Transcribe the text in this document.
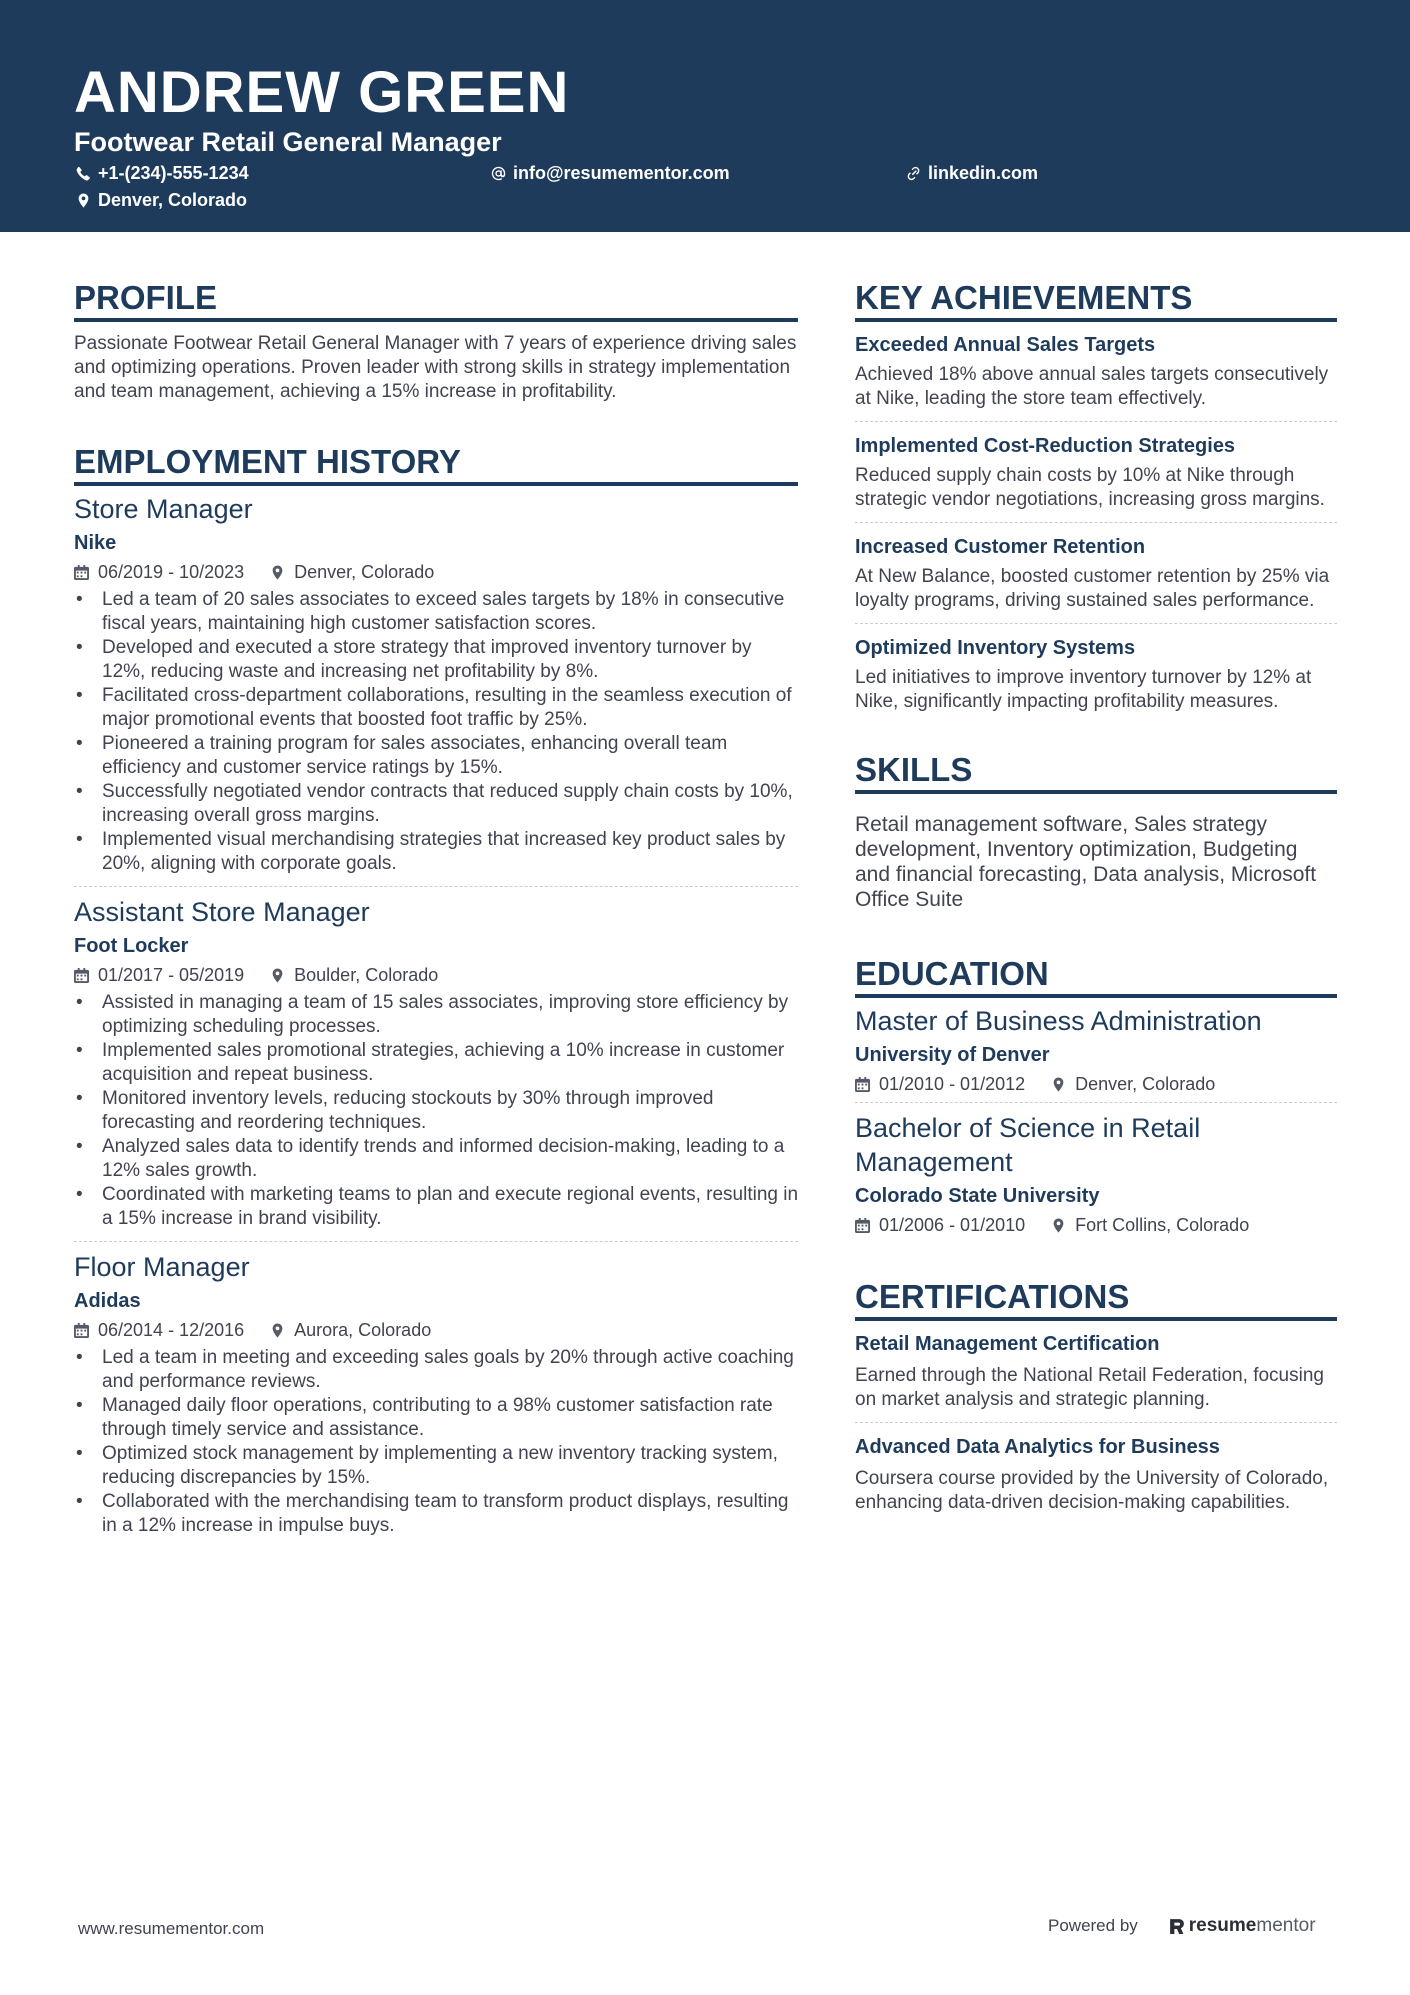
ANDREW GREEN
Footwear Retail General Manager
+1-(234)-555-1234	info@resumementor.com	linkedin.com
Denver, Colorado
PROFILE

Passionate Footwear Retail General Manager with 7 years of experience driving sales and optimizing operations. Proven leader with strong skills in strategy implementation and team management, achieving a 15% increase in profitability.

EMPLOYMENT HISTORY
Store Manager
Nike
06/2019 - 10/2023	Denver, Colorado
• Led a team of 20 sales associates to exceed sales targets by 18% in consecutive fiscal years, maintaining high customer satisfaction scores.
• Developed and executed a store strategy that improved inventory turnover by 12%, reducing waste and increasing net profitability by 8%.
• Facilitated cross-department collaborations, resulting in the seamless execution of major promotional events that boosted foot traffic by 25%.
• Pioneered a training program for sales associates, enhancing overall team efficiency and customer service ratings by 15%.
• Successfully negotiated vendor contracts that reduced supply chain costs by 10%, increasing overall gross margins.
• Implemented visual merchandising strategies that increased key product sales by 20%, aligning with corporate goals.
Assistant Store Manager
Foot Locker
01/2017 - 05/2019	Boulder, Colorado
• Assisted in managing a team of 15 sales associates, improving store efficiency by optimizing scheduling processes.
• Implemented sales promotional strategies, achieving a 10% increase in customer acquisition and repeat business.
• Monitored inventory levels, reducing stockouts by 30% through improved forecasting and reordering techniques.
• Analyzed sales data to identify trends and informed decision-making, leading to a 12% sales growth.
• Coordinated with marketing teams to plan and execute regional events, resulting in a 15% increase in brand visibility.
Floor Manager
Adidas
06/2014 - 12/2016	Aurora, Colorado
• Led a team in meeting and exceeding sales goals by 20% through active coaching and performance reviews.
• Managed daily floor operations, contributing to a 98% customer satisfaction rate through timely service and assistance.
• Optimized stock management by implementing a new inventory tracking system, reducing discrepancies by 15%.
• Collaborated with the merchandising team to transform product displays, resulting in a 12% increase in impulse buys.
KEY ACHIEVEMENTS
Exceeded Annual Sales Targets

Achieved 18% above annual sales targets consecutively at Nike, leading the store team effectively.

Implemented Cost-Reduction Strategies

Reduced supply chain costs by 10% at Nike through strategic vendor negotiations, increasing gross margins.

Increased Customer Retention

At New Balance, boosted customer retention by 25% via loyalty programs, driving sustained sales performance.

Optimized Inventory Systems

Led initiatives to improve inventory turnover by 12% at Nike, significantly impacting profitability measures.

SKILLS

Retail management software, Sales strategy development, Inventory optimization, Budgeting and financial forecasting, Data analysis, Microsoft Office Suite

EDUCATION
Master of Business Administration
University of Denver
01/2010 - 01/2012	Denver, Colorado
Bachelor of Science in Retail Management
Colorado State University
01/2006 - 01/2010	Fort Collins, Colorado
CERTIFICATIONS
Retail Management Certification

Earned through the National Retail Federation, focusing on market analysis and strategic planning.

Advanced Data Analytics for Business

Coursera course provided by the University of Colorado, enhancing data-driven decision-making capabilities.

www.resumementor.com	Powered by	resume mentor
